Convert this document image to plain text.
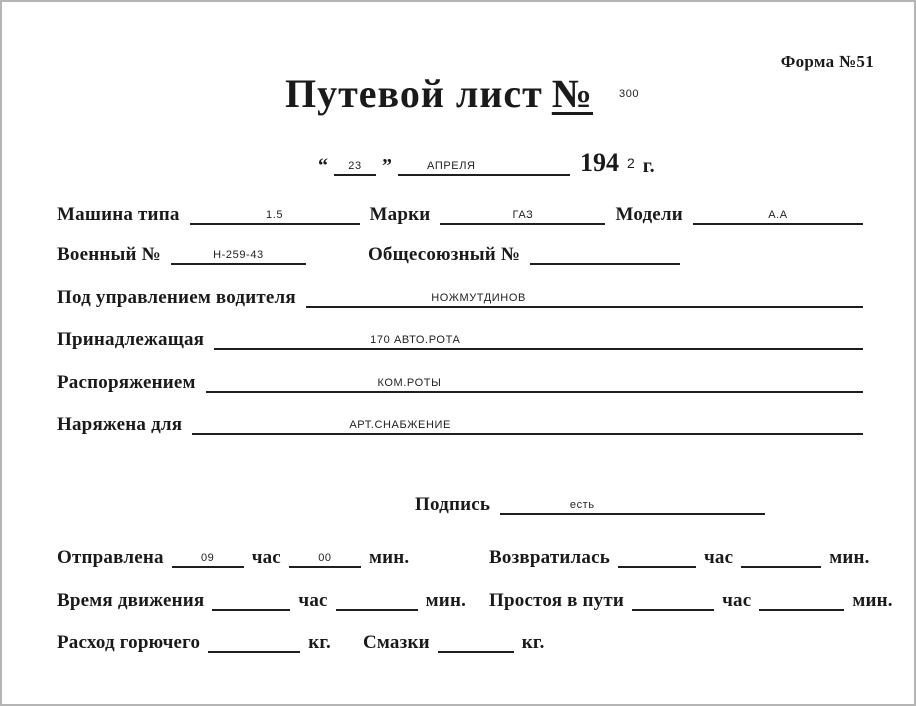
Форма №51
Путевой лист № 300
“ 23 ”	АПРЕЛЯ	194 2 г.
Машина типа	1.5	Марки	ГАЗ	Модели	А.А
Военный №	Н-259-43	Общесоюзный №
Под управлением водителя	НОЖМУТДИНОВ
Принадлежащая	170 АВТО.РОТА
Распоряжением	КОМ.РОТЫ
Наряжена для	АРТ.СНАБЖЕНИЕ
Подпись	есть
Отправлена	09 час	00 мин.	Возвратилась	час	мин.
Время движения	час	мин. Простоя в пути	час	мин.
Расход горючего	кг. Смазки	кг.
